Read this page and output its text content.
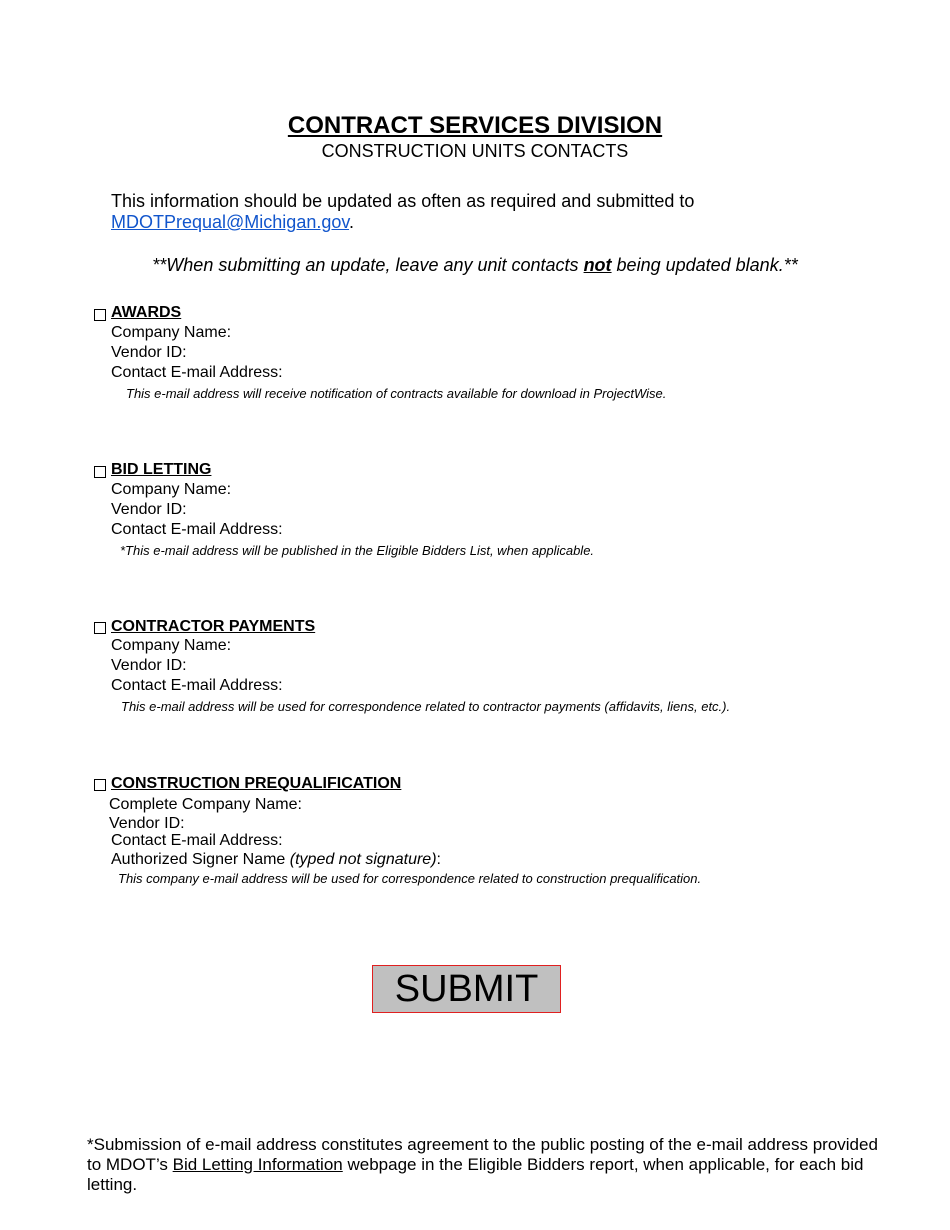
CONTRACT SERVICES DIVISION
CONSTRUCTION UNITS CONTACTS
This information should be updated as often as required and submitted to
MDOTPrequal@Michigan.gov.
**When submitting an update, leave any unit contacts not being updated blank.**
AWARDS
Company Name:
Vendor ID:
Contact E-mail Address:
This e-mail address will receive notification of contracts available for download in ProjectWise.
BID LETTING
Company Name:
Vendor ID:
Contact E-mail Address:
*This e-mail address will be published in the Eligible Bidders List, when applicable.
CONTRACTOR PAYMENTS
Company Name:
Vendor ID:
Contact E-mail Address:
This e-mail address will be used for correspondence related to contractor payments (affidavits, liens, etc.).
CONSTRUCTION PREQUALIFICATION
Complete Company Name:
Vendor ID:
Contact E-mail Address:
Authorized Signer Name (typed not signature):
This company e-mail address will be used for correspondence related to construction prequalification.
SUBMIT
*Submission of e-mail address constitutes agreement to the public posting of the e-mail address provided to MDOT’s Bid Letting Information webpage in the Eligible Bidders report, when applicable, for each bid letting.
